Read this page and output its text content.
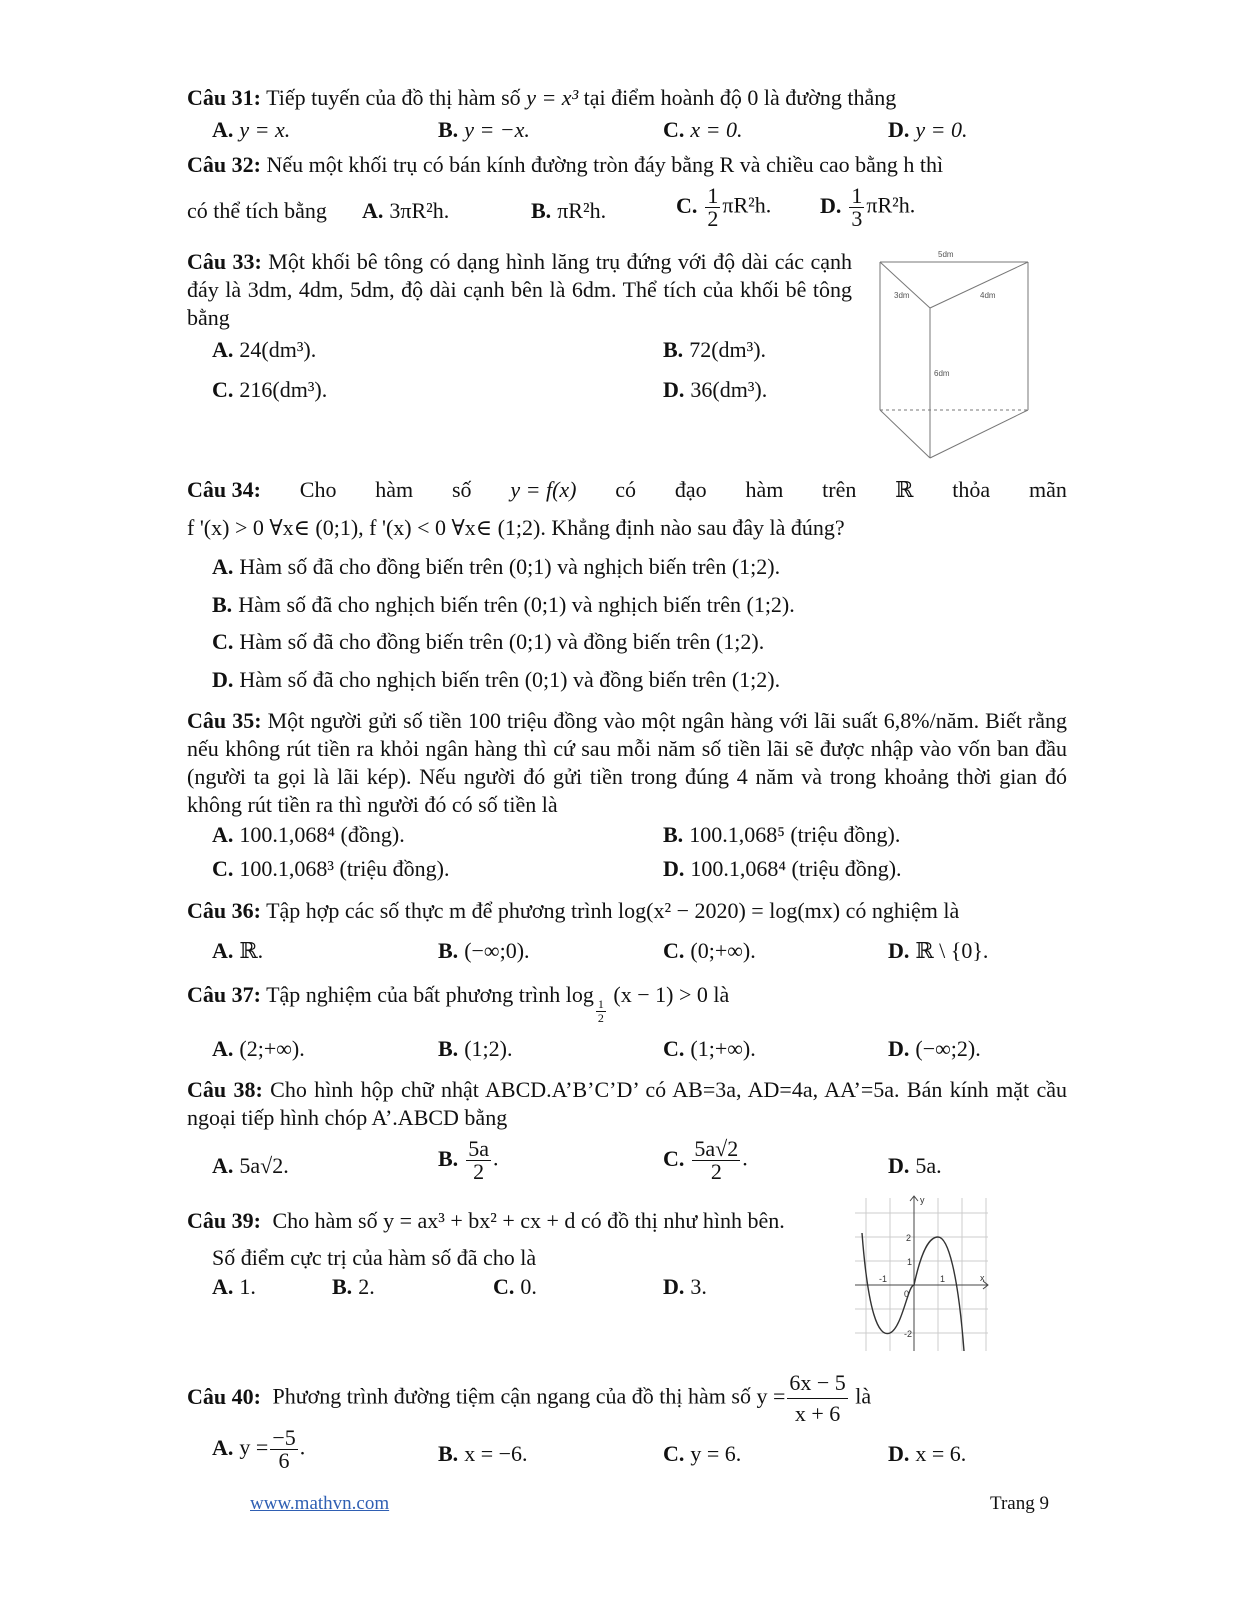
Câu 31: Tiếp tuyến của đồ thị hàm số y = x³ tại điểm hoành độ 0 là đường thẳng
A. y = x.	B. y = −x.	C. x = 0.	D. y = 0.
Câu 32: Nếu một khối trụ có bán kính đường tròn đáy bằng R và chiều cao bằng h thì
có thể tích bằng A. 3πR²h.	B. πR²h.	C. $\frac{1}{2} \pi R^2h$. D. $\frac{1}{3} \pi R^2h$.
Câu 33: Một khối bê tông có dạng hình lăng trụ đứng với độ dài các cạnh đáy là 3dm, 4dm, 5dm, độ dài cạnh bên là 6dm. Thể tích của khối bê tông bằng
A. 24(dm³).	B. 72(dm³).
C. 216(dm³).	D. 36(dm³).
5dm
3dm	4dm
6dm
Câu 34: Cho hàm số y = f(x) có đạo hàm trên ℝ thỏa mãn
f '(x) > 0 ∀x∈ (0;1), f '(x) < 0 ∀x∈ (1;2). Khẳng định nào sau đây là đúng?
A. Hàm số đã cho đồng biến trên (0;1) và nghịch biến trên (1;2).
B. Hàm số đã cho nghịch biến trên (0;1) và nghịch biến trên (1;2).
C. Hàm số đã cho đồng biến trên (0;1) và đồng biến trên (1;2).
D. Hàm số đã cho nghịch biến trên (0;1) và đồng biến trên (1;2).
Câu 35: Một người gửi số tiền 100 triệu đồng vào một ngân hàng với lãi suất 6,8%/năm. Biết rằng nếu không rút tiền ra khỏi ngân hàng thì cứ sau mỗi năm số tiền lãi sẽ được nhập vào vốn ban đầu (người ta gọi là lãi kép). Nếu người đó gửi tiền trong đúng 4 năm và trong khoảng thời gian đó không rút tiền ra thì người đó có số tiền là
A. 100.1,068⁴ (đồng).	B. 100.1,068⁵ (triệu đồng).
C. 100.1,068³ (triệu đồng).	D. 100.1,068⁴ (triệu đồng).
Câu 36: Tập hợp các số thực m để phương trình log(x² − 2020) = log(mx) có nghiệm là
A. ℝ.	B. (−∞;0).	C. (0;+∞).	D. ℝ \ {0}.
Câu 37: Tập nghiệm của bất phương trình log
$\frac{1}{2}$
(x − 1) > 0 là
A. (2;+∞).	B. (1;2).	C. (1;+∞).	D. (−∞;2).
Câu 38: Cho hình hộp chữ nhật ABCD.A’B’C’D’ có AB=3a, AD=4a, AA’=5a. Bán kính mặt cầu ngoại tiếp hình chóp A’.ABCD bằng
A. 5a√2.	B. $\frac{5a}{2}$ .	C. $\frac{5a√2}{2}$ .	D. 5a.
Câu 39: Cho hàm số y = ax³ + bx² + cx + d có đồ thị như hình bên.
Số điểm cực trị của hàm số đã cho là
A. 1.	B. 2.	C. 0.	D. 3.
y
x
2
1
-1
0
1
-2
Câu 40: Phương trình đường tiệm cận ngang của đồ thị hàm số $y = \frac{6x - 5}{x + 6}$ là
A. $y = \frac{-5}{6}$ .	B. x = −6.	C. y = 6.	D. x = 6.
www.mathvn.com	Trang 9
